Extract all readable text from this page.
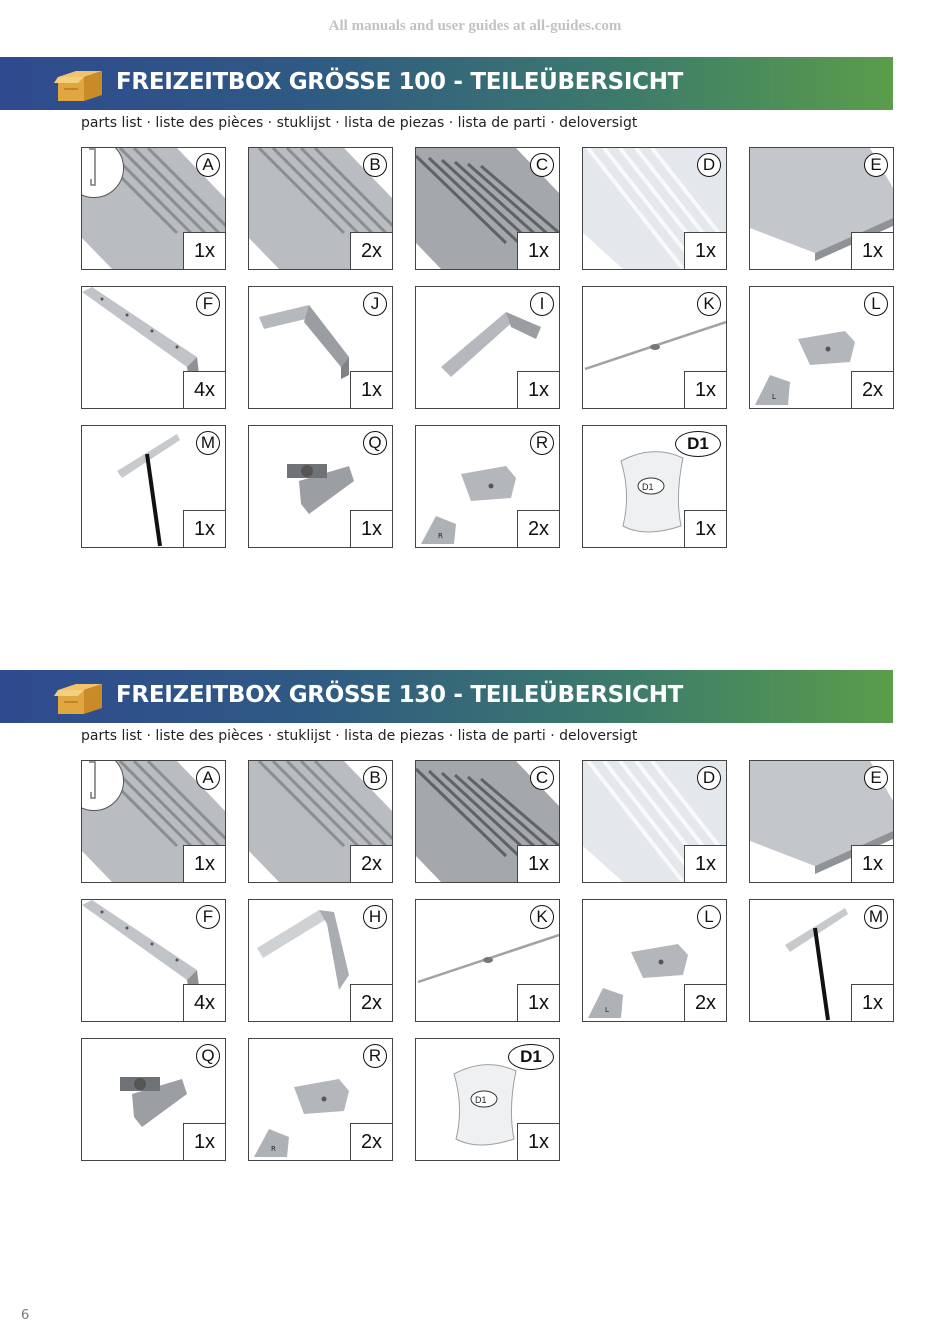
All manuals and user guides at all-guides.com
FREIZEITBOX GRÖSSE 100 - TEILEÜBERSICHT
parts list · liste des pièces · stuklijst · lista de piezas · lista de parti · deloversigt
A
1x
B
2x
C
1x
D
1x
E
1x
F
4x
J
1x
I
1x
K
1x	L
L
2x
M
1x
Q
1x	R
R
2x
D1
D1
1x
FREIZEITBOX GRÖSSE 130 - TEILEÜBERSICHT
parts list · liste des pièces · stuklijst · lista de piezas · lista de parti · deloversigt
A
1x
B
2x
C
1x
D
1x
E
1x
F
4x
H
2x
K
1x	L
L
2x
M
1x
Q
1x	R
R
2x
D1
D1
1x
6
